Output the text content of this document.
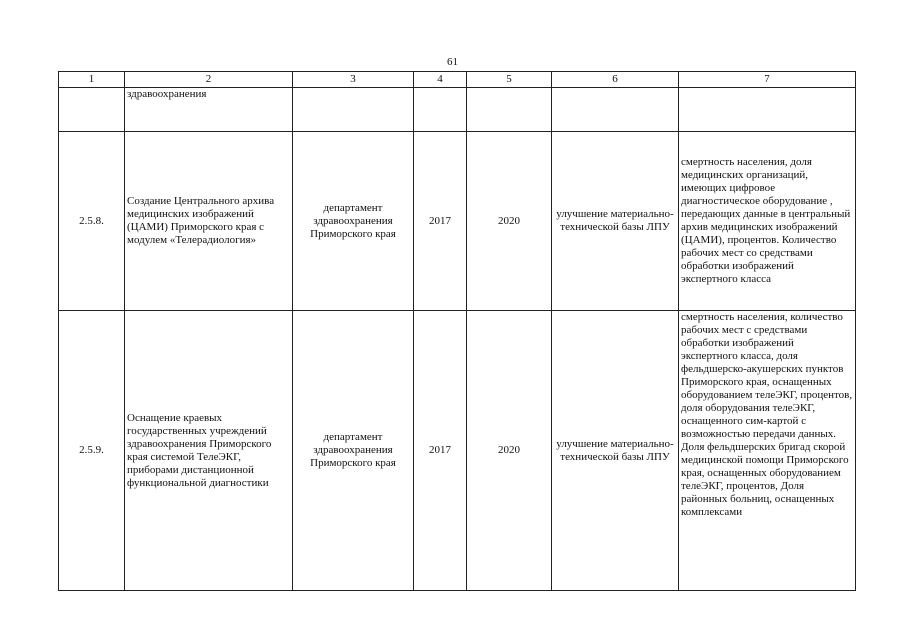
61
1	2	3	4	5	6	7
	здравоохранения					
2.5.8.	Создание Центрального архива медицинских изображений (ЦАМИ) Приморского края с модулем «Телерадиология»	департамент здравоохранения Приморского края	2017	2020	улучшение материально-технической базы ЛПУ	смертность населения, доля медицинских организаций, имеющих цифровое диагностическое оборудование , передающих данные в центральный архив медицинских изображений (ЦАМИ), процентов. Количество рабочих мест со средствами обработки изображений экспертного класса
2.5.9.	Оснащение краевых государственных учреждений здравоохранения Приморского края системой ТелеЭКГ, приборами дистанционной функциональной диагностики	департамент здравоохранения Приморского края	2017	2020	улучшение материально-технической базы ЛПУ	смертность населения, количество рабочих мест с средствами обработки изображений экспертного класса, доля фельдшерско-акушерских пунктов Приморского края, оснащенных оборудованием телеЭКГ, процентов, доля оборудования телеЭКГ, оснащенного сим-картой с возможностью передачи данных. Доля фельдшерских бригад скорой медицинской помощи Приморского края, оснащенных оборудованием телеЭКГ, процентов, Доля районных больниц, оснащенных комплексами
